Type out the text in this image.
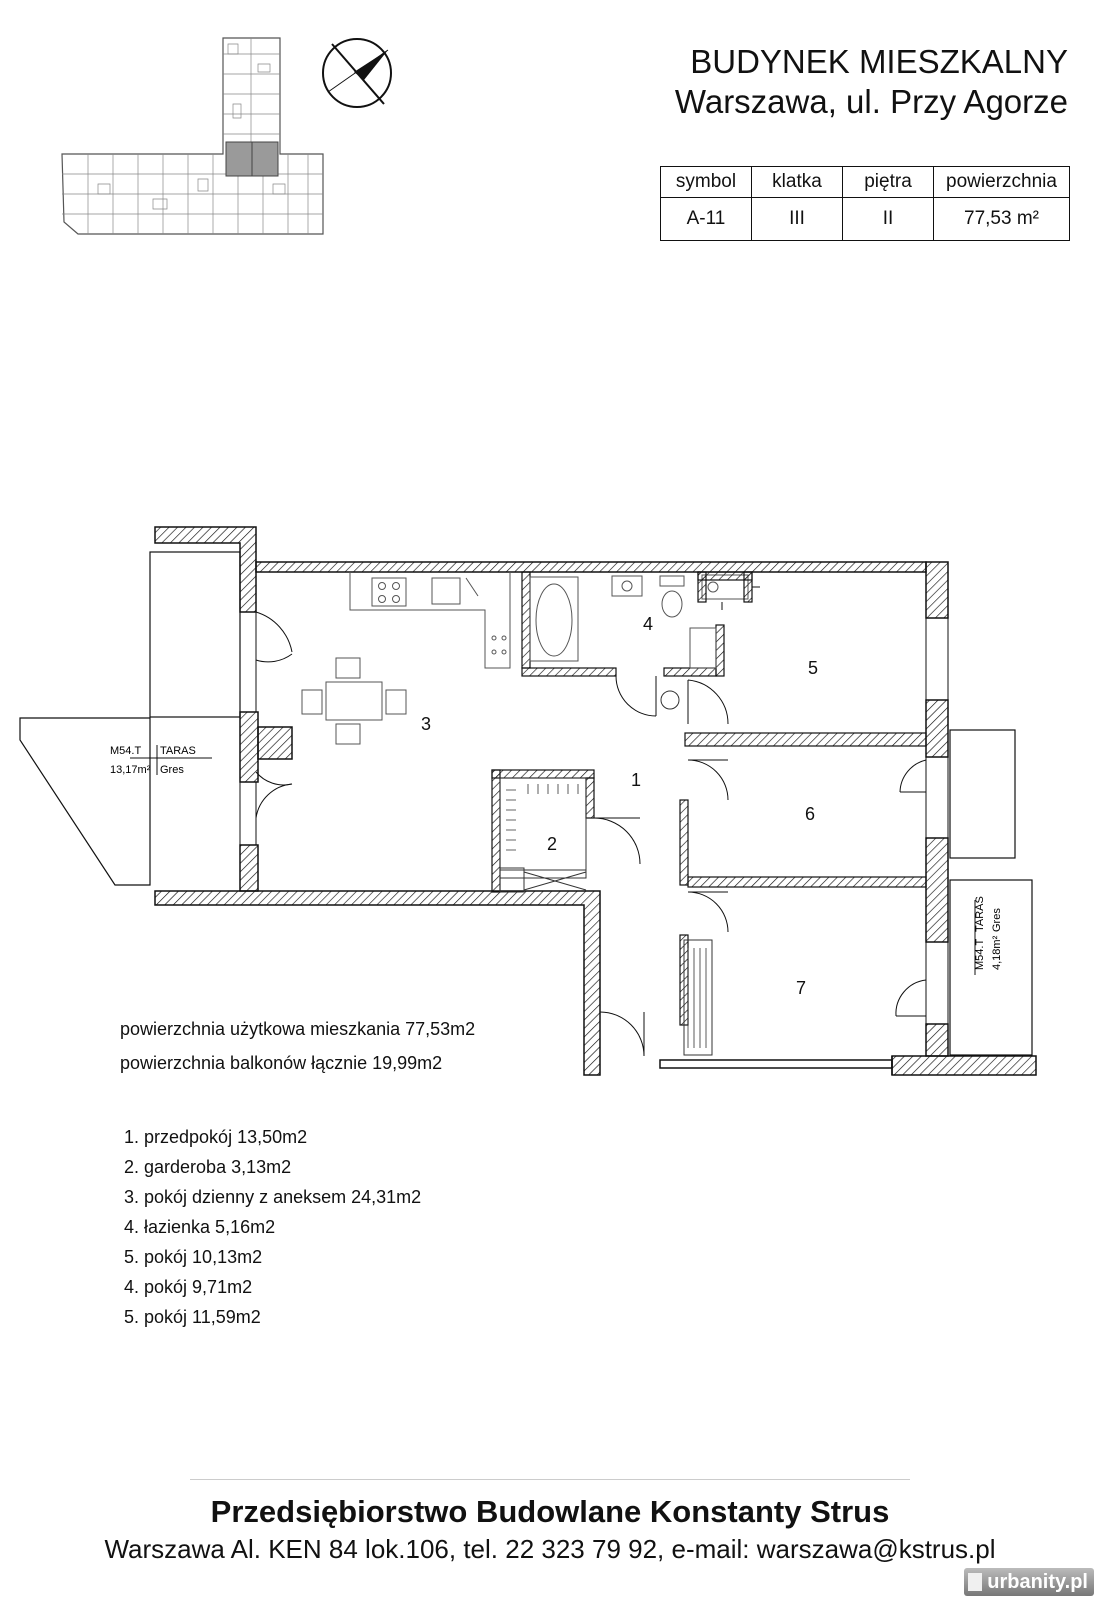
BUDYNEK MIESZKALNY
Warszawa, ul. Przy Agorze
symbol	klatka	piętra	powierzchnia
A-11	III	II	77,53 m²
M54.T TARAS
13,17m² Gres
M54.T
TARAS
4,18m²
Gres
1
2
3
4
5
6
7
powierzchnia użytkowa mieszkania 77,53m2
powierzchnia balkonów łącznie 19,99m2
1. przedpokój 13,50m2
2. garderoba 3,13m2
3. pokój dzienny z aneksem 24,31m2
4. łazienka 5,16m2
5. pokój 10,13m2
4. pokój 9,71m2
5. pokój 11,59m2
Przedsiębiorstwo Budowlane Konstanty Strus
Warszawa Al. KEN 84 lok.106, tel. 22 323 79 92, e-mail: warszawa@kstrus.pl
urbanity.pl
